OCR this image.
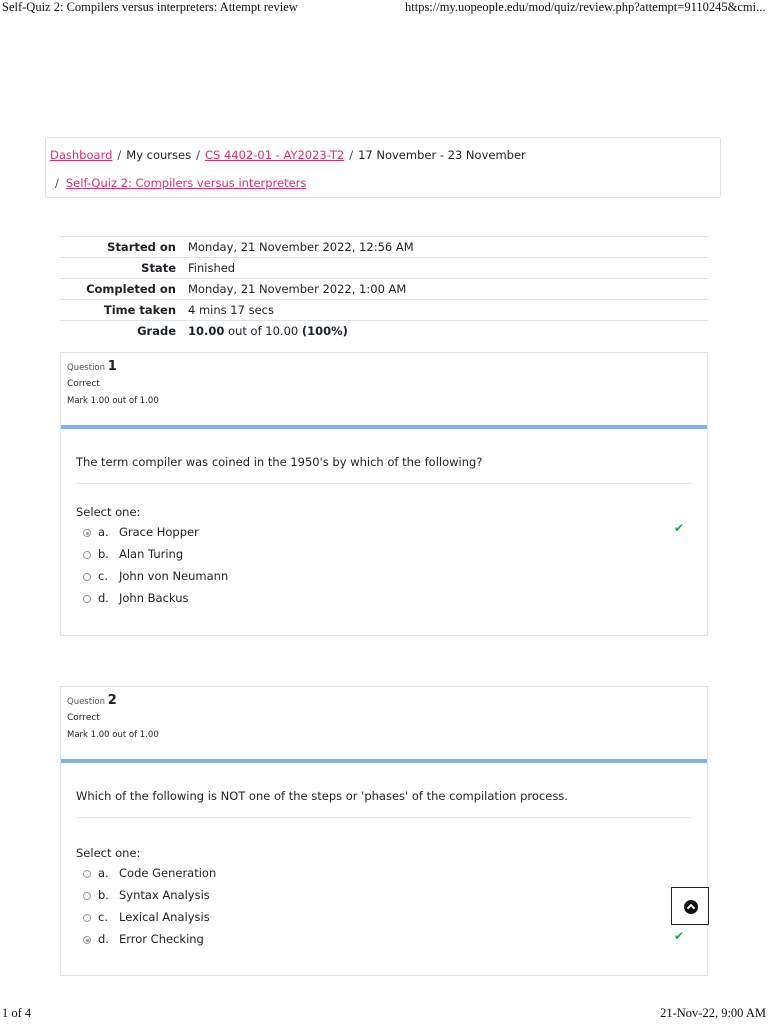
Self-Quiz 2: Compilers versus interpreters: Attempt review	https://my.uopeople.edu/mod/quiz/review.php?attempt=9110245&cmi...
Dashboard / My courses / CS 4402-01 - AY2023-T2 / 17 November - 23 November
/ Self-Quiz 2: Compilers versus interpreters
Started on	Monday, 21 November 2022, 12:56 AM
State	Finished
Completed on	Monday, 21 November 2022, 1:00 AM
Time taken	4 mins 17 secs
Grade	10.00 out of 10.00 (100%)
Question 1
Correct
Mark 1.00 out of 1.00
The term compiler was coined in the 1950's by which of the following?
Select one:
a. Grace Hopper
b. Alan Turing
c. John von Neumann
d. John Backus
✔
Question 2
Correct
Mark 1.00 out of 1.00
Which of the following is NOT one of the steps or 'phases' of the compilation process.
Select one:
a. Code Generation
b. Syntax Analysis
c. Lexical Analysis
d. Error Checking	✔
1 of 4	21-Nov-22, 9:00 AM
